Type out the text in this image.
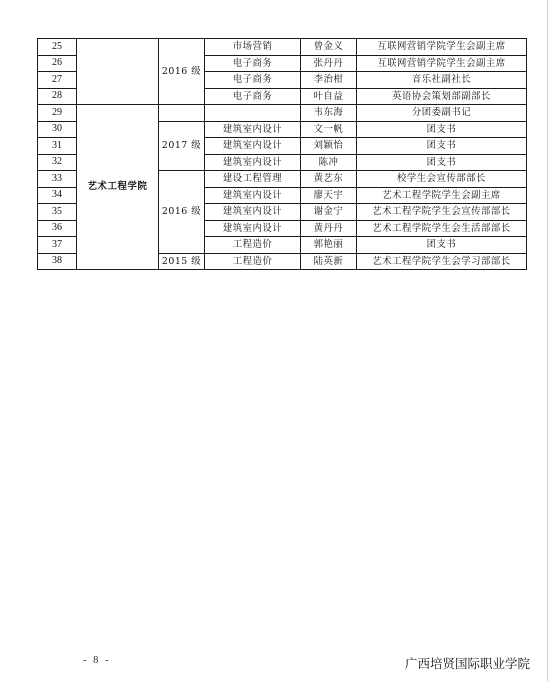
25		2016 级	市场营销	曾金义	互联网营销学院学生会副主席
26			电子商务	张丹丹	互联网营销学院学生会副主席
27			电子商务	李治柑	音乐社副社长
28			电子商务	叶自益	英语协会策划部副部长
29	艺术工程学院			韦东海	分团委副书记
30		2017 级	建筑室内设计	文一帆	团支书
31			建筑室内设计	刘颖怡	团支书
32			建筑室内设计	陈冲	团支书
33		2016 级	建设工程管理	黄艺东	校学生会宣传部部长
34			建筑室内设计	廖天宇	艺术工程学院学生会副主席
35			建筑室内设计	谢金宁	艺术工程学院学生会宣传部部长
36			建筑室内设计	黄丹丹	艺术工程学院学生会生活部部长
37			工程造价	郭艳丽	团支书
38		2015 级	工程造价	陆英新	艺术工程学院学生会学习部部长
- 8 -	广西培贤国际职业学院
